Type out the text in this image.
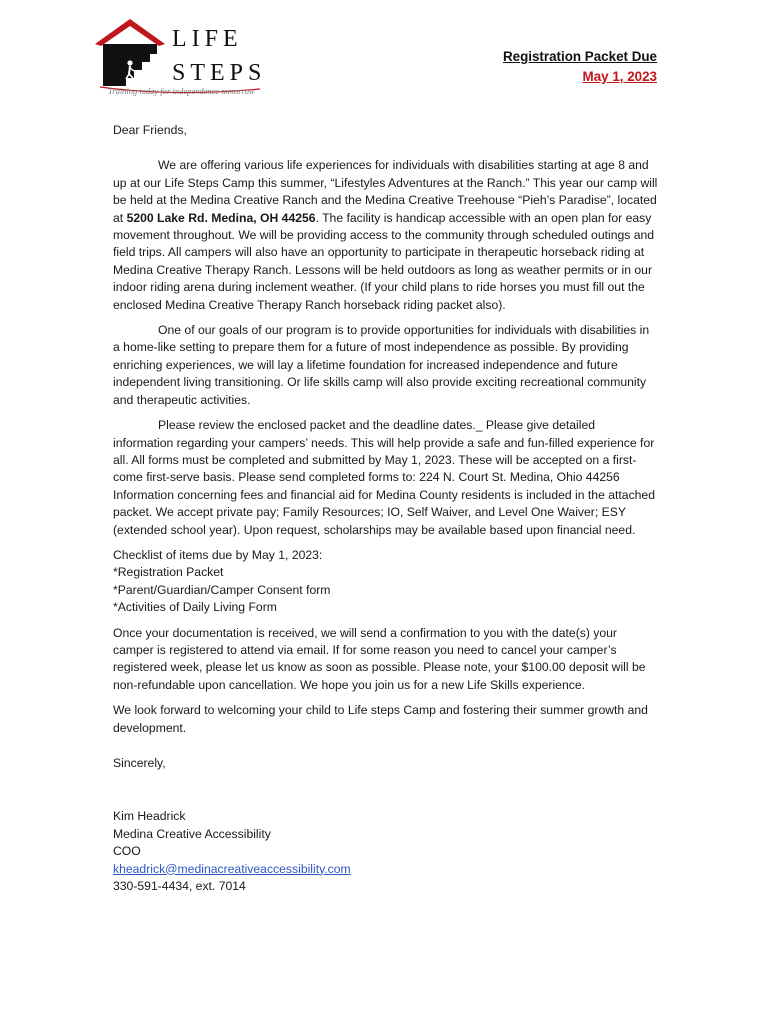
LIFE
STEPS
Training today for independence tomorrow
Registration Packet Due
May 1, 2023

Dear Friends,

We are offering various life experiences for individuals with disabilities starting at age 8 and up at our Life Steps Camp this summer, “Lifestyles Adventures at the Ranch.” This year our camp will be held at the Medina Creative Ranch and the Medina Creative Treehouse “Pieh’s Paradise”, located at 5200 Lake Rd. Medina, OH 44256. The facility is handicap accessible with an open plan for easy movement throughout. We will be providing access to the community through scheduled outings and field trips. All campers will also have an opportunity to participate in therapeutic horseback riding at Medina Creative Therapy Ranch. Lessons will be held outdoors as long as weather permits or in our indoor riding arena during inclement weather. (If your child plans to ride horses you must fill out the enclosed Medina Creative Therapy Ranch horseback riding packet also).

One of our goals of our program is to provide opportunities for individuals with disabilities in a home-like setting to prepare them for a future of most independence as possible. By providing enriching experiences, we will lay a lifetime foundation for increased independence and future independent living transitioning. Or life skills camp will also provide exciting recreational community and therapeutic activities.

Please review the enclosed packet and the deadline dates._ Please give detailed information regarding your campers’ needs. This will help provide a safe and fun-filled experience for all. All forms must be completed and submitted by May 1, 2023. These will be accepted on a first-come first-serve basis. Please send completed forms to: 224 N. Court St. Medina, Ohio 44256 Information concerning fees and financial aid for Medina County residents is included in the attached packet. We accept private pay; Family Resources; IO, Self Waiver, and Level One Waiver; ESY (extended school year). Upon request, scholarships may be available based upon financial need.

Checklist of items due by May 1, 2023:

*Registration Packet

*Parent/Guardian/Camper Consent form

*Activities of Daily Living Form

Once your documentation is received, we will send a confirmation to you with the date(s) your camper is registered to attend via email. If for some reason you need to cancel your camper’s registered week, please let us know as soon as possible. Please note, your $100.00 deposit will be non-refundable upon cancellation. We hope you join us for a new Life Skills experience.

We look forward to welcoming your child to Life steps Camp and fostering their summer growth and development.

Sincerely,

Kim Headrick

Medina Creative Accessibility

COO

kheadrick@medinacreativeaccessibility.com

330-591-4434, ext. 7014
